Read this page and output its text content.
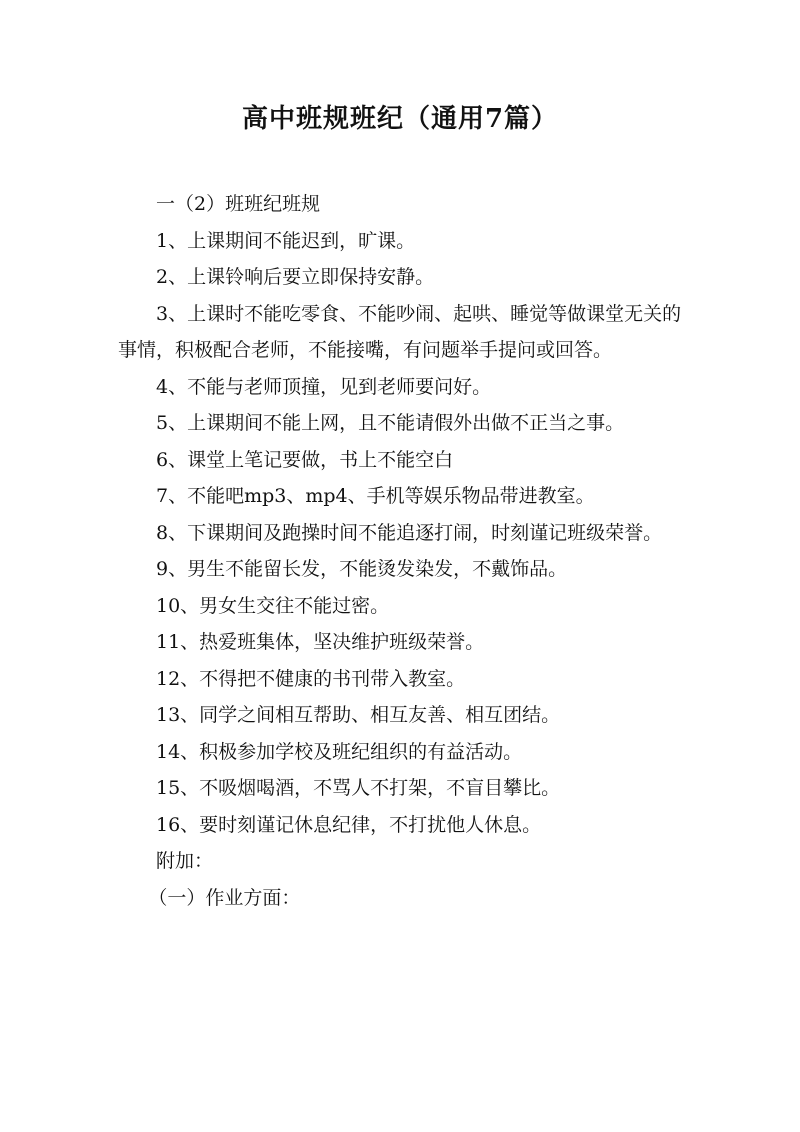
高中班规班纪（通用7篇）

一（2）班班纪班规

1、上课期间不能迟到，旷课。

2、上课铃响后要立即保持安静。

3、上课时不能吃零食、不能吵闹、起哄、睡觉等做课堂无关的事情，积极配合老师，不能接嘴，有问题举手提问或回答。

4、不能与老师顶撞，见到老师要问好。

5、上课期间不能上网，且不能请假外出做不正当之事。

6、课堂上笔记要做，书上不能空白

7、不能吧mp3、mp4、手机等娱乐物品带进教室。

8、下课期间及跑操时间不能追逐打闹，时刻谨记班级荣誉。

9、男生不能留长发，不能烫发染发，不戴饰品。

10、男女生交往不能过密。

11、热爱班集体，坚决维护班级荣誉。

12、不得把不健康的书刊带入教室。

13、同学之间相互帮助、相互友善、相互团结。

14、积极参加学校及班纪组织的有益活动。

15、不吸烟喝酒，不骂人不打架，不盲目攀比。

16、要时刻谨记休息纪律，不打扰他人休息。

附加：

（一）作业方面：
